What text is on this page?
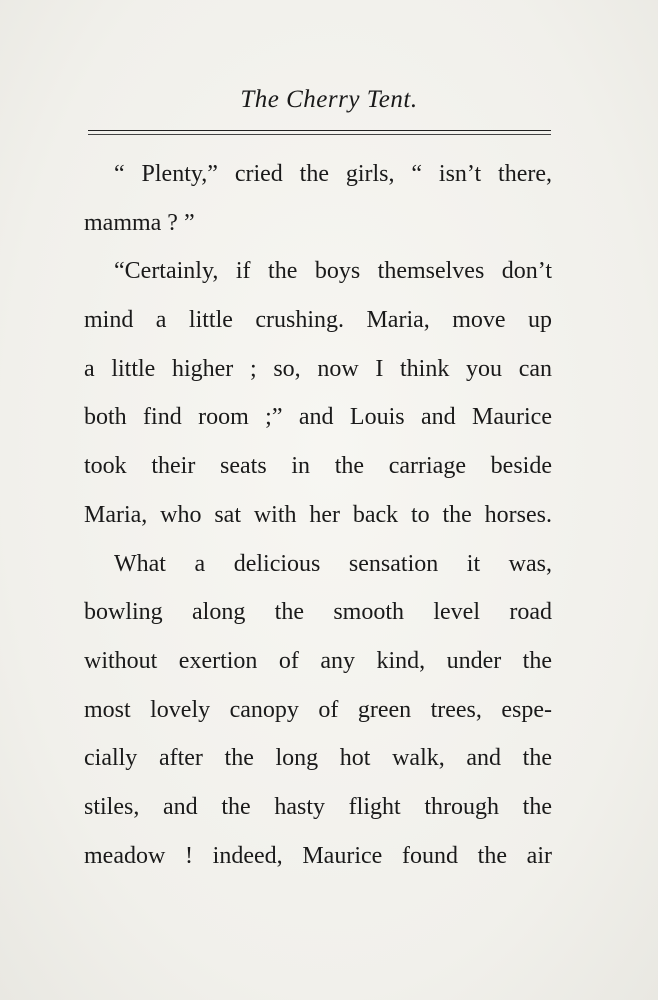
The Cherry Tent.
“ Plenty,” cried the girls, “ isn’t there,
mamma ? ”
“Certainly, if the boys themselves don’t
mind a little crushing. Maria, move up
a little higher ; so, now I think you can
both find room ;” and Louis and Maurice
took their seats in the carriage beside
Maria, who sat with her back to the horses.
What a delicious sensation it was,
bowling along the smooth level road
without exertion of any kind, under the
most lovely canopy of green trees, espe-
cially after the long hot walk, and the
stiles, and the hasty flight through the
meadow ! indeed, Maurice found the air
